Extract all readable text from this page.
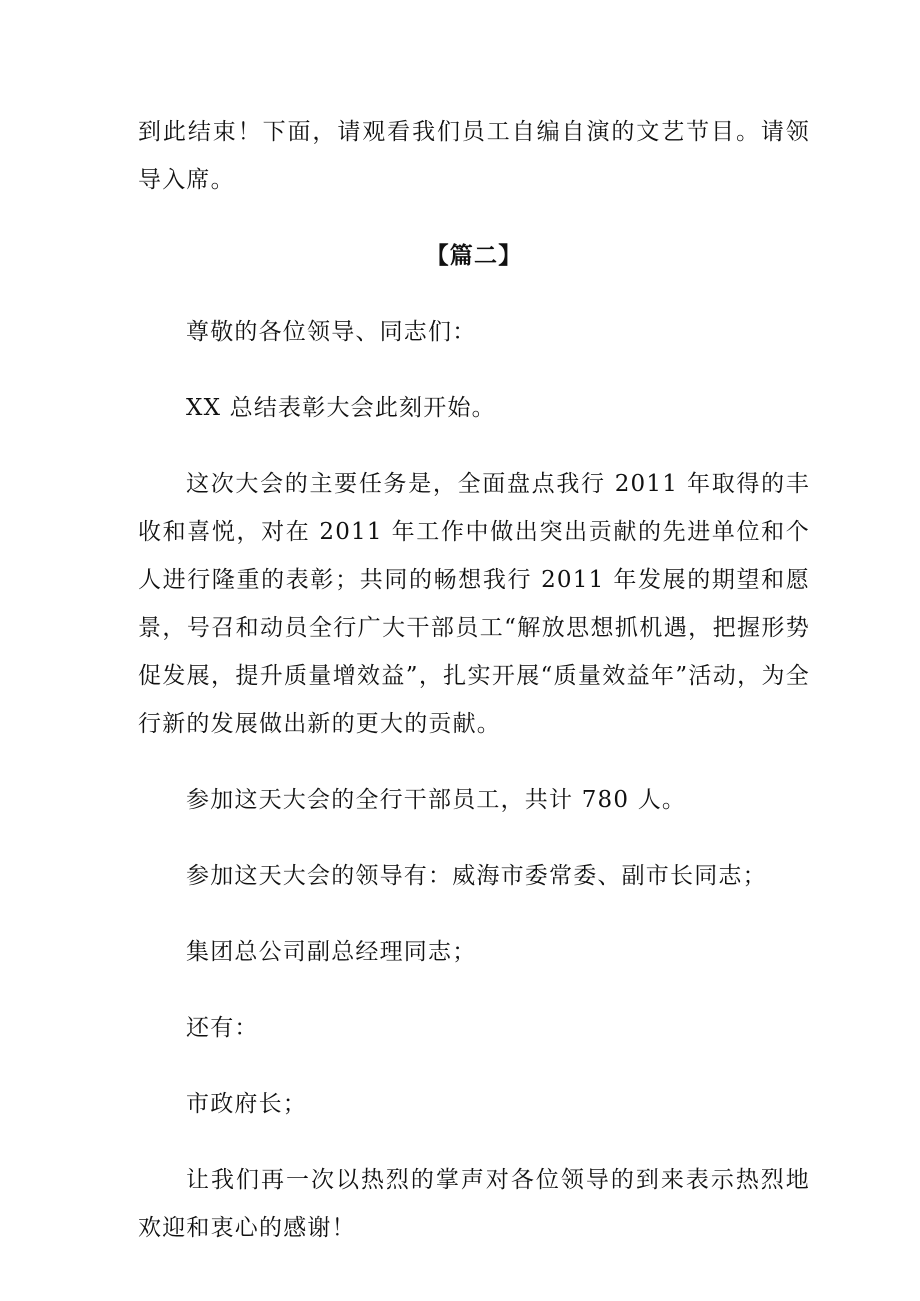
到此结束！下面，请观看我们员工自编自演的文艺节目。请领导入席。

【篇二】

尊敬的各位领导、同志们：

XX 总结表彰大会此刻开始。

这次大会的主要任务是，全面盘点我行 2011 年取得的丰收和喜悦，对在 2011 年工作中做出突出贡献的先进单位和个人进行隆重的表彰；共同的畅想我行 2011 年发展的期望和愿景，号召和动员全行广大干部员工“解放思想抓机遇，把握形势促发展，提升质量增效益”，扎实开展“质量效益年”活动，为全行新的发展做出新的更大的贡献。

参加这天大会的全行干部员工，共计 780 人。

参加这天大会的领导有：威海市委常委、副市长同志；

集团总公司副总经理同志；

还有：

市政府长；

让我们再一次以热烈的掌声对各位领导的到来表示热烈地欢迎和衷心的感谢！
